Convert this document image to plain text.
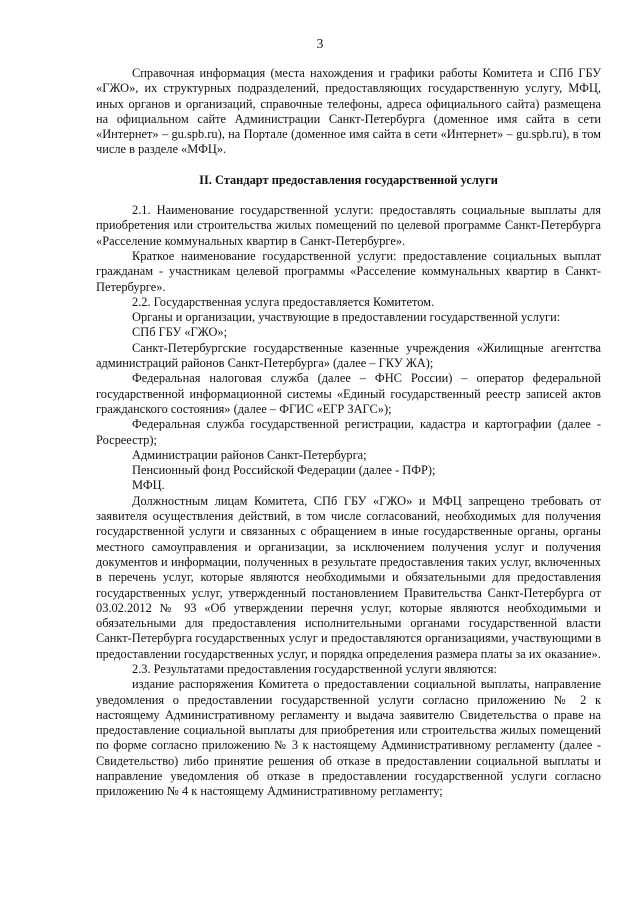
3

Справочная информация (места нахождения и графики работы Комитета и СПб ГБУ «ГЖО», их структурных подразделений, предоставляющих государственную услугу, МФЦ, иных органов и организаций, справочные телефоны, адреса официального сайта) размещена на официальном сайте Администрации Санкт-Петербурга (доменное имя сайта в сети «Интернет» – gu.spb.ru), на Портале (доменное имя сайта в сети «Интернет» – gu.spb.ru), в том числе в разделе «МФЦ».

II. Стандарт предоставления государственной услуги

2.1. Наименование государственной услуги: предоставлять социальные выплаты для приобретения или строительства жилых помещений по целевой программе Санкт-Петербурга «Расселение коммунальных квартир в Санкт-Петербурге».

Краткое наименование государственной услуги: предоставление социальных выплат гражданам - участникам целевой программы «Расселение коммунальных квартир в Санкт-Петербурге».

2.2. Государственная услуга предоставляется Комитетом.

Органы и организации, участвующие в предоставлении государственной услуги:

СПб ГБУ «ГЖО»;

Санкт-Петербургские государственные казенные учреждения «Жилищные агентства администраций районов Санкт-Петербурга» (далее – ГКУ ЖА);

Федеральная налоговая служба (далее – ФНС России) – оператор федеральной государственной информационной системы «Единый государственный реестр записей актов гражданского состояния» (далее – ФГИС «ЕГР ЗАГС»);

Федеральная служба государственной регистрации, кадастра и картографии (далее - Росреестр);

Администрации районов Санкт-Петербурга;

Пенсионный фонд Российской Федерации (далее - ПФР);

МФЦ.

Должностным лицам Комитета, СПб ГБУ «ГЖО» и МФЦ запрещено требовать от заявителя осуществления действий, в том числе согласований, необходимых для получения государственной услуги и связанных с обращением в иные государственные органы, органы местного самоуправления и организации, за исключением получения услуг и получения документов и информации, полученных в результате предоставления таких услуг, включенных в перечень услуг, которые являются необходимыми и обязательными для предоставления государственных услуг, утвержденный постановлением Правительства Санкт-Петербурга от 03.02.2012 № 93 «Об утверждении перечня услуг, которые являются необходимыми и обязательными для предоставления исполнительными органами государственной власти Санкт-Петербурга государственных услуг и предоставляются организациями, участвующими в предоставлении государственных услуг, и порядка определения размера платы за их оказание».

2.3. Результатами предоставления государственной услуги являются:

издание распоряжения Комитета о предоставлении социальной выплаты, направление уведомления о предоставлении государственной услуги согласно приложению № 2 к настоящему Административному регламенту и выдача заявителю Свидетельства о праве на предоставление социальной выплаты для приобретения или строительства жилых помещений по форме согласно приложению № 3 к настоящему Административному регламенту (далее - Свидетельство) либо принятие решения об отказе в предоставлении социальной выплаты и направление уведомления об отказе в предоставлении государственной услуги согласно приложению № 4 к настоящему Административному регламенту;
